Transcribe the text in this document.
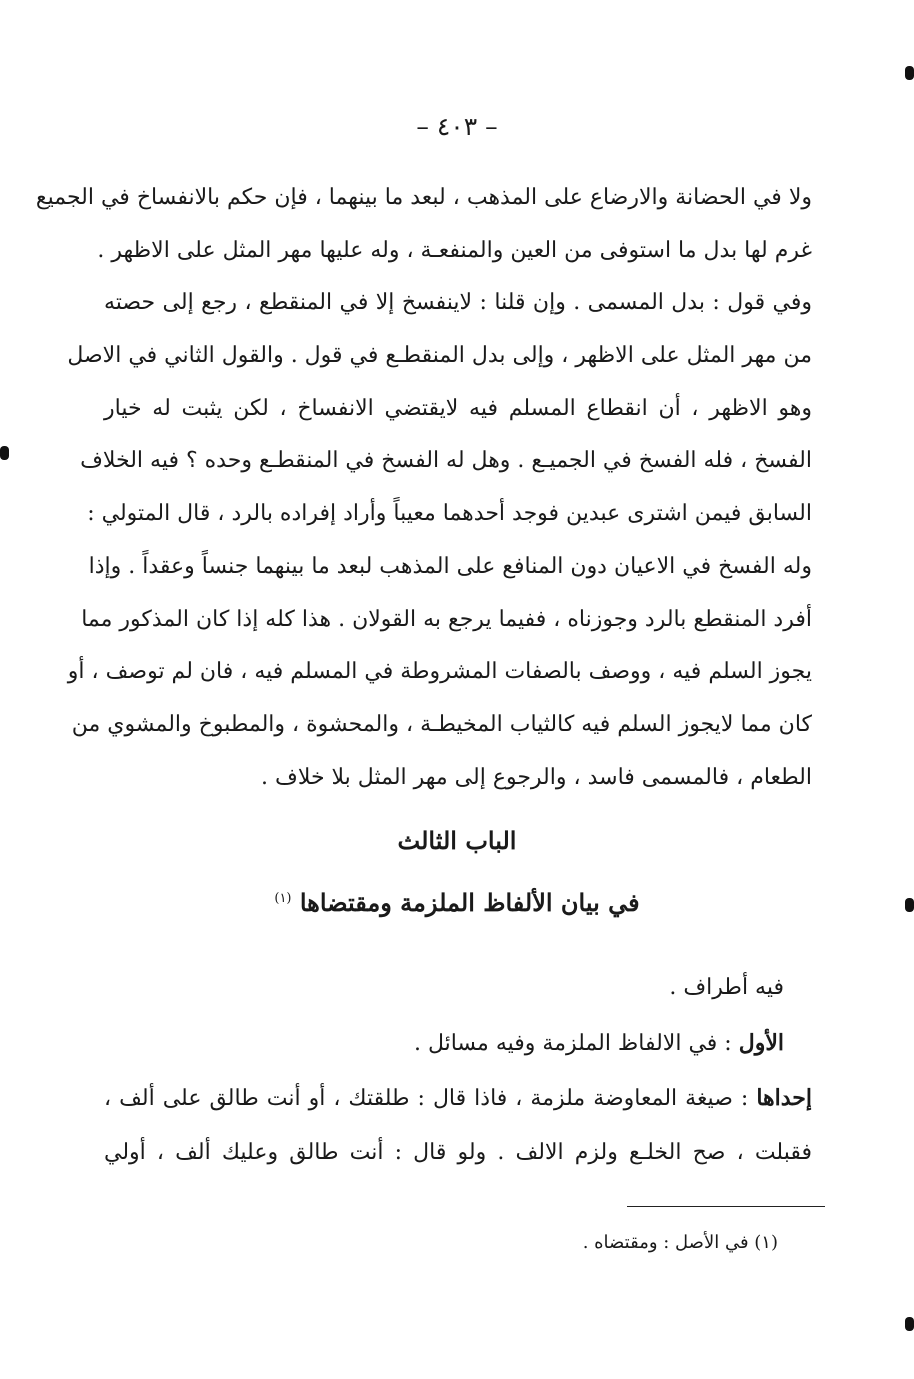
– ٤٠٣ –
ولا في الحضانة والارضاع على المذهب ، لبعد ما بينهما ، فإن حكم بالانفساخ في الجميع
غرم لها بدل ما استوفى من العين والمنفعـة ، وله عليها مهر المثل على الاظهر .
وفي قول : بدل المسمى . وإن قلنا : لاينفسخ إلا في المنقطع ، رجع إلى حصته
من مهر المثل على الاظهر ، وإلى بدل المنقطـع في قول . والقول الثاني في الاصل
وهو الاظهر ، أن انقطاع المسلم فيه لايقتضي الانفساخ ، لكن يثبت له خيار
الفسخ ، فله الفسخ في الجميـع . وهل له الفسخ في المنقطـع وحده ؟ فيه الخلاف
السابق فيمن اشترى عبدين فوجد أحدهما معيباً وأراد إفراده بالرد ، قال المتولي :
وله الفسخ في الاعيان دون المنافع على المذهب لبعد ما بينهما جنساً وعقداً . وإذا
أفرد المنقطع بالرد وجوزناه ، ففيما يرجع به القولان . هذا كله إذا كان المذكور مما
يجوز السلم فيه ، ووصف بالصفات المشروطة في المسلم فيه ، فان لم توصف ، أو
كان مما لايجوز السلم فيه كالثياب المخيطـة ، والمحشوة ، والمطبوخ والمشوي من
الطعام ، فالمسمى فاسد ، والرجوع إلى مهر المثل بلا خلاف .
الباب الثالث
في بيان الألفاظ الملزمة ومقتضاها $^{(١)}$
فيه أطراف .
الأول : في الالفاظ الملزمة وفيه مسائل .
إحداها : صيغة المعاوضة ملزمة ، فاذا قال : طلقتك ، أو أنت طالق على ألف ،
فقبلت ، صح الخلـع ولزم الالف . ولو قال : أنت طالق وعليك ألف ، أولي
(١) في الأصل : ومقتضاه .
